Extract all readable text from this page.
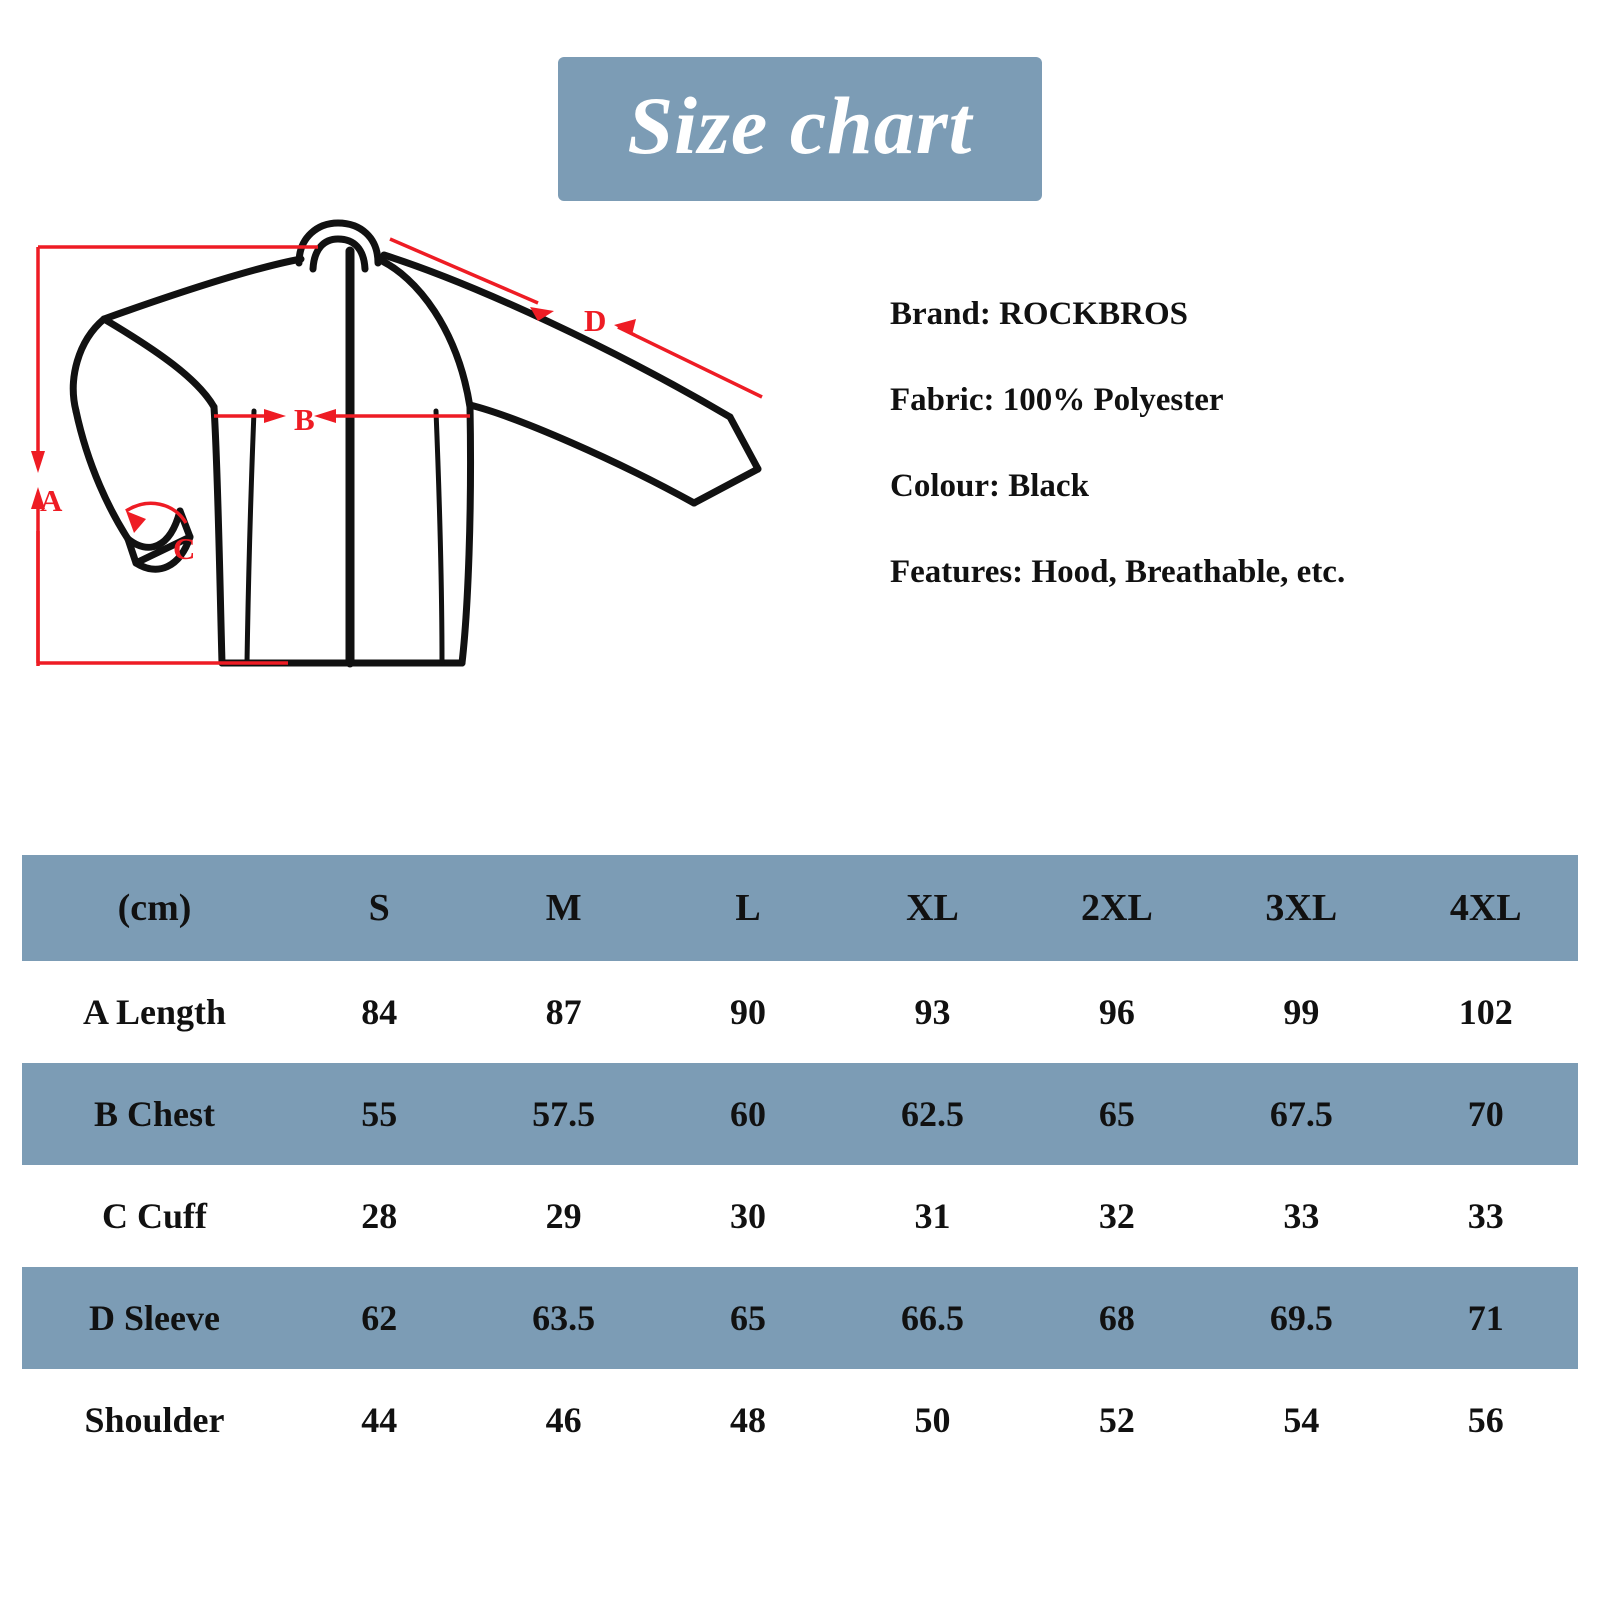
Size chart
A
B
C
D	Brand: ROCKBROS
Fabric: 100% Polyester
Colour: Black
Features: Hood, Breathable, etc.
(cm)	S	M	L	XL	2XL	3XL	4XL
A Length	84	87	90	93	96	99	102
B Chest	55	57.5	60	62.5	65	67.5	70
C Cuff	28	29	30	31	32	33	33
D Sleeve	62	63.5	65	66.5	68	69.5	71
Shoulder	44	46	48	50	52	54	56
